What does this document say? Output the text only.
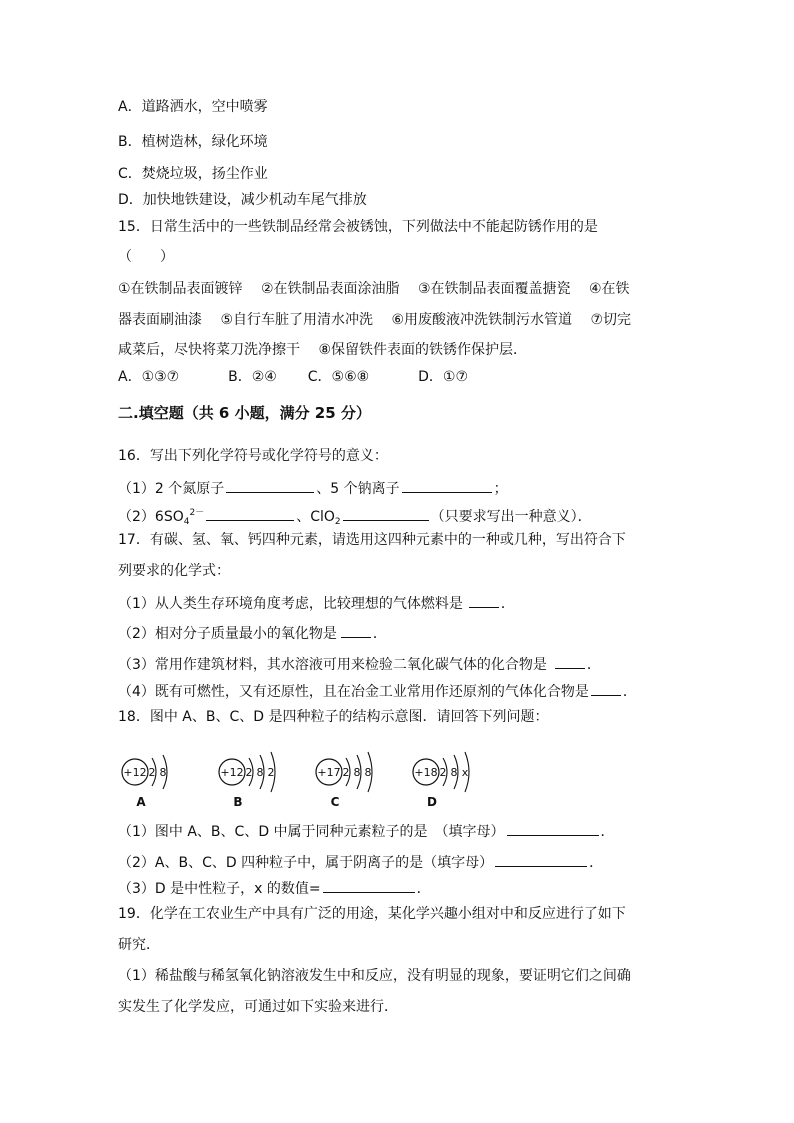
A．道路洒水，空中喷雾
B．植树造林，绿化环境
C．焚烧垃圾，扬尘作业
D．加快地铁建设，减少机动车尾气排放
15．日常生活中的一些铁制品经常会被锈蚀，下列做法中不能起防锈作用的是
（　　）
①在铁制品表面镀锌　 ②在铁制品表面涂油脂　 ③在铁制品表面覆盖搪瓷　 ④在铁
器表面刷油漆　 ⑤自行车脏了用清水冲洗　 ⑥用废酸液冲洗铁制污水管道　 ⑦切完
咸菜后，尽快将菜刀洗净擦干　 ⑧保留铁件表面的铁锈作保护层．
A．①③⑦	B．②④ C．⑤⑥⑧	D．①⑦
二.填空题（共 6 小题，满分 25 分）
16．写出下列化学符号或化学符号的意义：
（1）2 个氮原子	、5 个钠离子	；
$(2)6SO_4^{2-}$	、ClO$_2$	（只要求写出一种意义）．
17．有碳、氢、氧、钙四种元素，请选用这四种元素中的一种或几种，写出符合下
列要求的化学式：
（1）从人类生存环境角度考虑，比较理想的气体燃料是	．
（2）相对分子质量最小的氧化物是	．
（3）常用作建筑材料，其水溶液可用来检验二氧化碳气体的化合物是	．
（4）既有可燃性，又有还原性，且在冶金工业常用作还原剂的气体化合物是 ．
18．图中 A、B、C、D 是四种粒子的结构示意图．请回答下列问题：
+12 2 8
A
+12 2 8 2
B
+17 2 8 8
C
+18 2 8 x
D
（1）图中 A、B、C、D 中属于同种元素粒子的是　（填字母）	．
（2）A、B、C、D 四种粒子中，属于阴离子的是（填字母）	．
（3）D 是中性粒子，x 的数值=	．
19．化学在工农业生产中具有广泛的用途，某化学兴趣小组对中和反应进行了如下
研究．
（1）稀盐酸与稀氢氧化钠溶液发生中和反应，没有明显的现象，要证明它们之间确
实发生了化学发应，可通过如下实验来进行．
